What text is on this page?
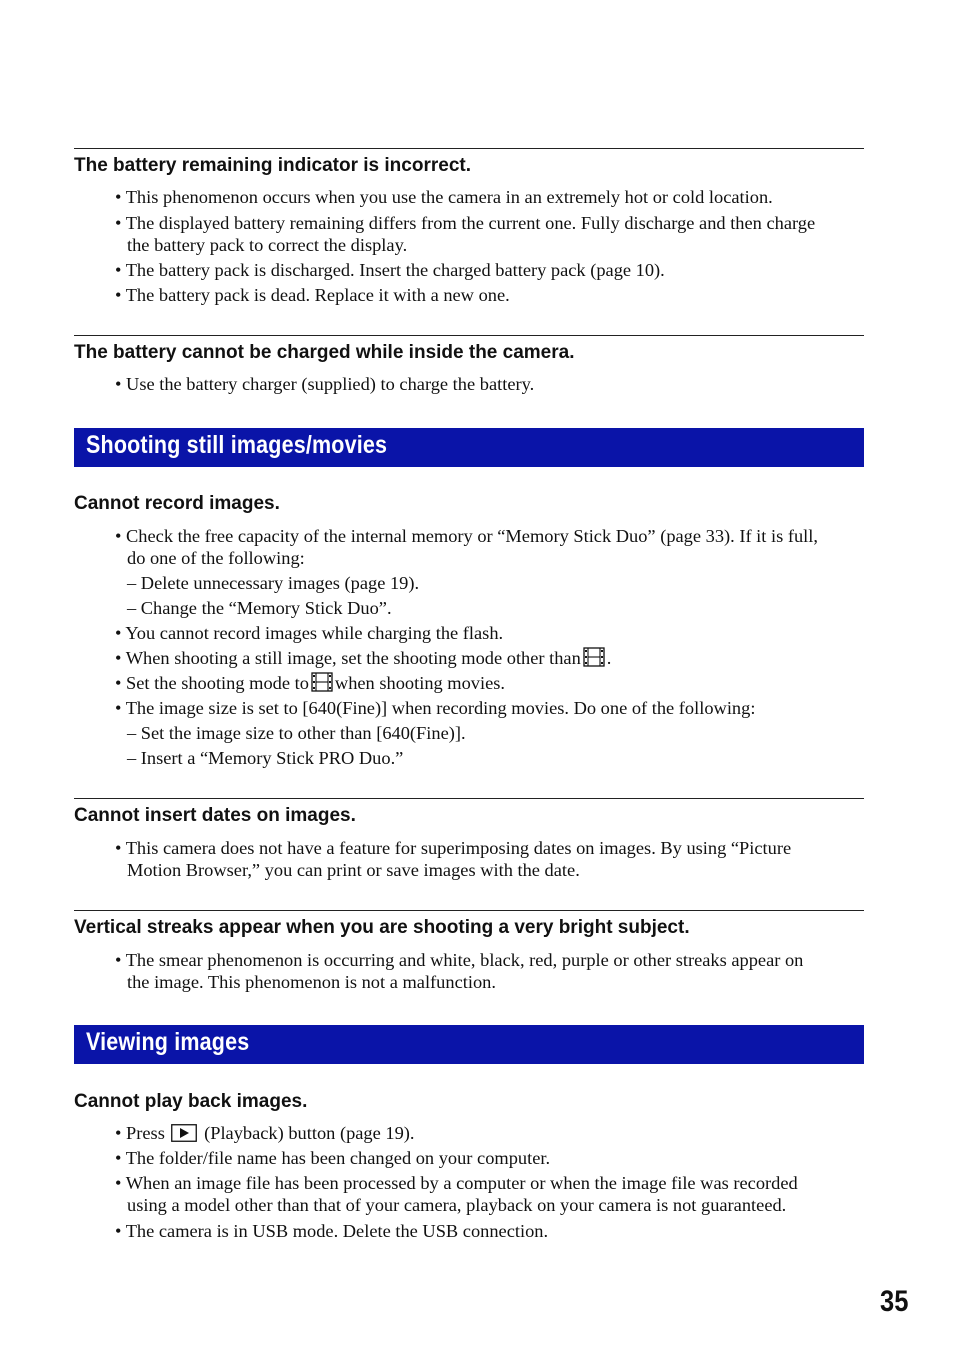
The battery remaining indicator is incorrect.
• This phenomenon occurs when you use the camera in an extremely hot or cold location.
• The displayed battery remaining differs from the current one. Fully discharge and then charge
the battery pack to correct the display.
• The battery pack is discharged. Insert the charged battery pack (page 10).
• The battery pack is dead. Replace it with a new one.
The battery cannot be charged while inside the camera.
• Use the battery charger (supplied) to charge the battery.
Shooting still images/movies
Cannot record images.
• Check the free capacity of the internal memory or “Memory Stick Duo” (page 33). If it is full,
do one of the following:
– Delete unnecessary images (page 19).
– Change the “Memory Stick Duo”.
• You cannot record images while charging the flash.
• When shooting a still image, set the shooting mode other than .
• Set the shooting mode to when shooting movies.
• The image size is set to [640(Fine)] when recording movies. Do one of the following:
– Set the image size to other than [640(Fine)].
– Insert a “Memory Stick PRO Duo.”
Cannot insert dates on images.
• This camera does not have a feature for superimposing dates on images. By using “Picture
Motion Browser,” you can print or save images with the date.
Vertical streaks appear when you are shooting a very bright subject.
• The smear phenomenon is occurring and white, black, red, purple or other streaks appear on
the image. This phenomenon is not a malfunction.
Viewing images
Cannot play back images.
• Press (Playback) button (page 19).
• The folder/file name has been changed on your computer.
• When an image file has been processed by a computer or when the image file was recorded
using a model other than that of your camera, playback on your camera is not guaranteed.
• The camera is in USB mode. Delete the USB connection.
35
